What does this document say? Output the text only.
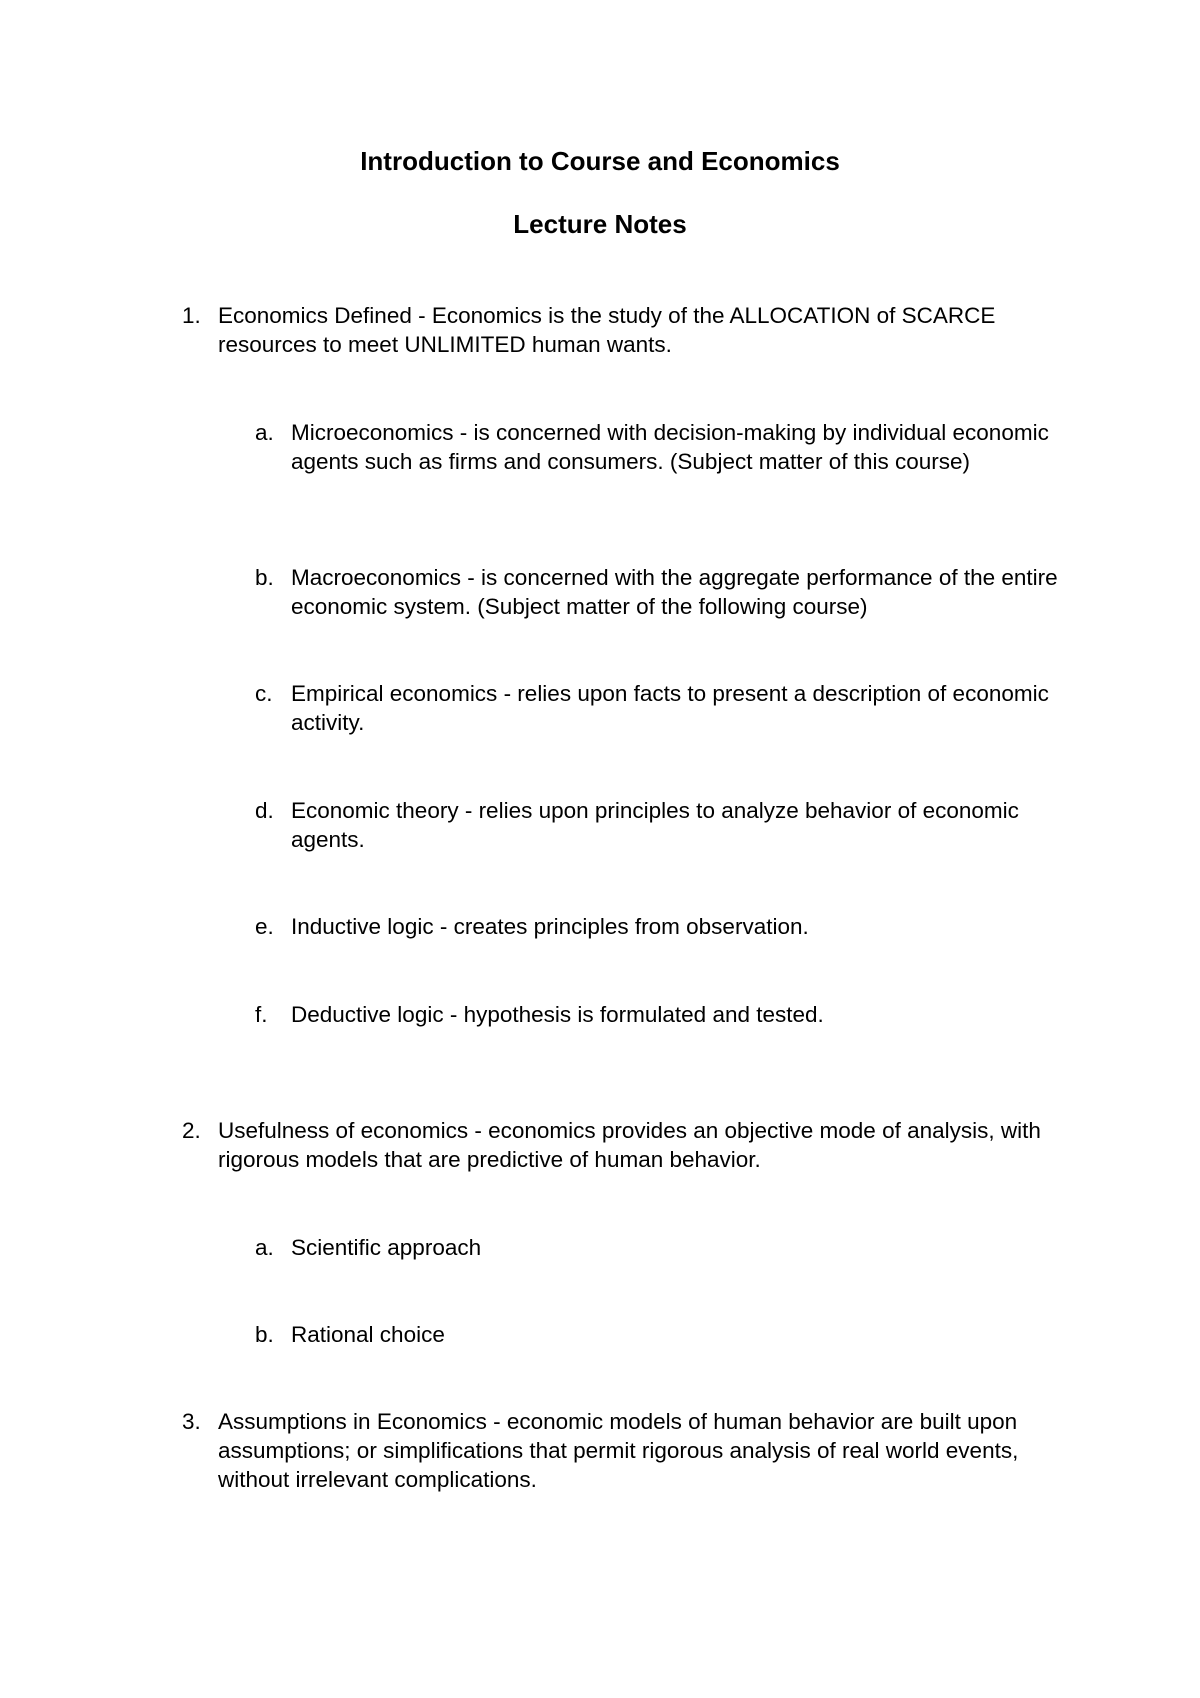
Introduction to Course and Economics
Lecture Notes
1. Economics Defined - Economics is the study of the ALLOCATION of SCARCE resources to meet UNLIMITED human wants.
a. Microeconomics - is concerned with decision-making by individual economic agents such as firms and consumers. (Subject matter of this course)
b. Macroeconomics - is concerned with the aggregate performance of the entire economic system. (Subject matter of the following course)
c. Empirical economics - relies upon facts to present a description of economic activity.
d. Economic theory - relies upon principles to analyze behavior of economic agents.
e. Inductive logic - creates principles from observation.
f. Deductive logic - hypothesis is formulated and tested.
2. Usefulness of economics - economics provides an objective mode of analysis, with rigorous models that are predictive of human behavior.
a. Scientific approach
b. Rational choice
3. Assumptions in Economics - economic models of human behavior are built upon assumptions; or simplifications that permit rigorous analysis of real world events, without irrelevant complications.
